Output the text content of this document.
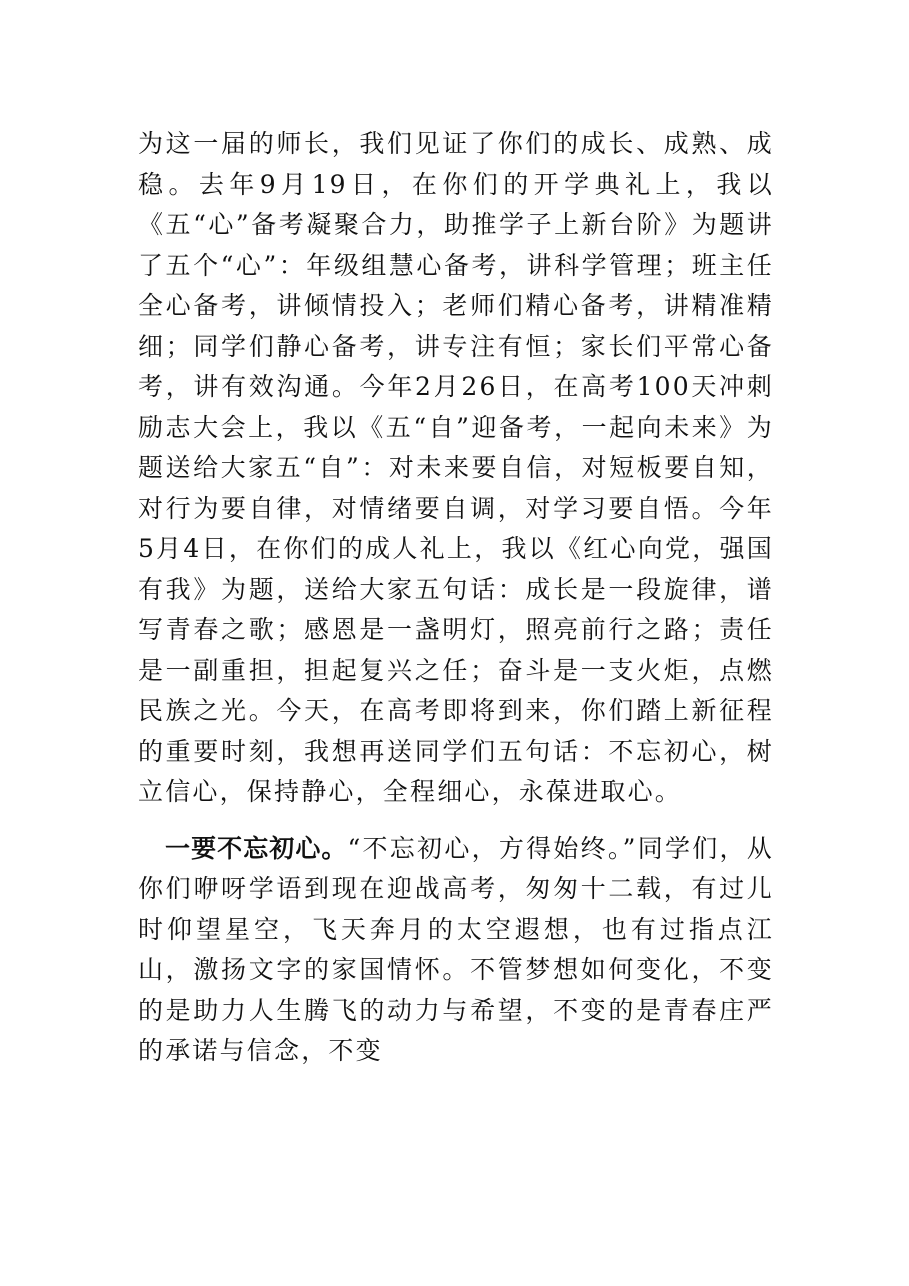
为这一届的师长，我们见证了你们的成长、成熟、成稳。去年9月19日，在你们的开学典礼上，我以《五“心”备考凝聚合力，助推学子上新台阶》为题讲了五个“心”：年级组慧心备考，讲科学管理；班主任全心备考，讲倾情投入；老师们精心备考，讲精准精细；同学们静心备考，讲专注有恒；家长们平常心备考，讲有效沟通。今年2月26日，在高考100天冲刺励志大会上，我以《五“自”迎备考，一起向未来》为题送给大家五“自”：对未来要自信，对短板要自知，对行为要自律，对情绪要自调，对学习要自悟。今年5月4日，在你们的成人礼上，我以《红心向党，强国有我》为题，送给大家五句话：成长是一段旋律，谱写青春之歌；感恩是一盏明灯，照亮前行之路；责任是一副重担，担起复兴之任；奋斗是一支火炬，点燃民族之光。今天，在高考即将到来，你们踏上新征程的重要时刻，我想再送同学们五句话：不忘初心，树立信心，保持静心，全程细心，永葆进取心。

一要不忘初心。“不忘初心，方得始终。”同学们，从你们咿呀学语到现在迎战高考，匆匆十二载，有过儿时仰望星空，飞天奔月的太空遐想，也有过指点江山，激扬文字的家国情怀。不管梦想如何变化，不变的是助力人生腾飞的动力与希望，不变的是青春庄严的承诺与信念，不变
